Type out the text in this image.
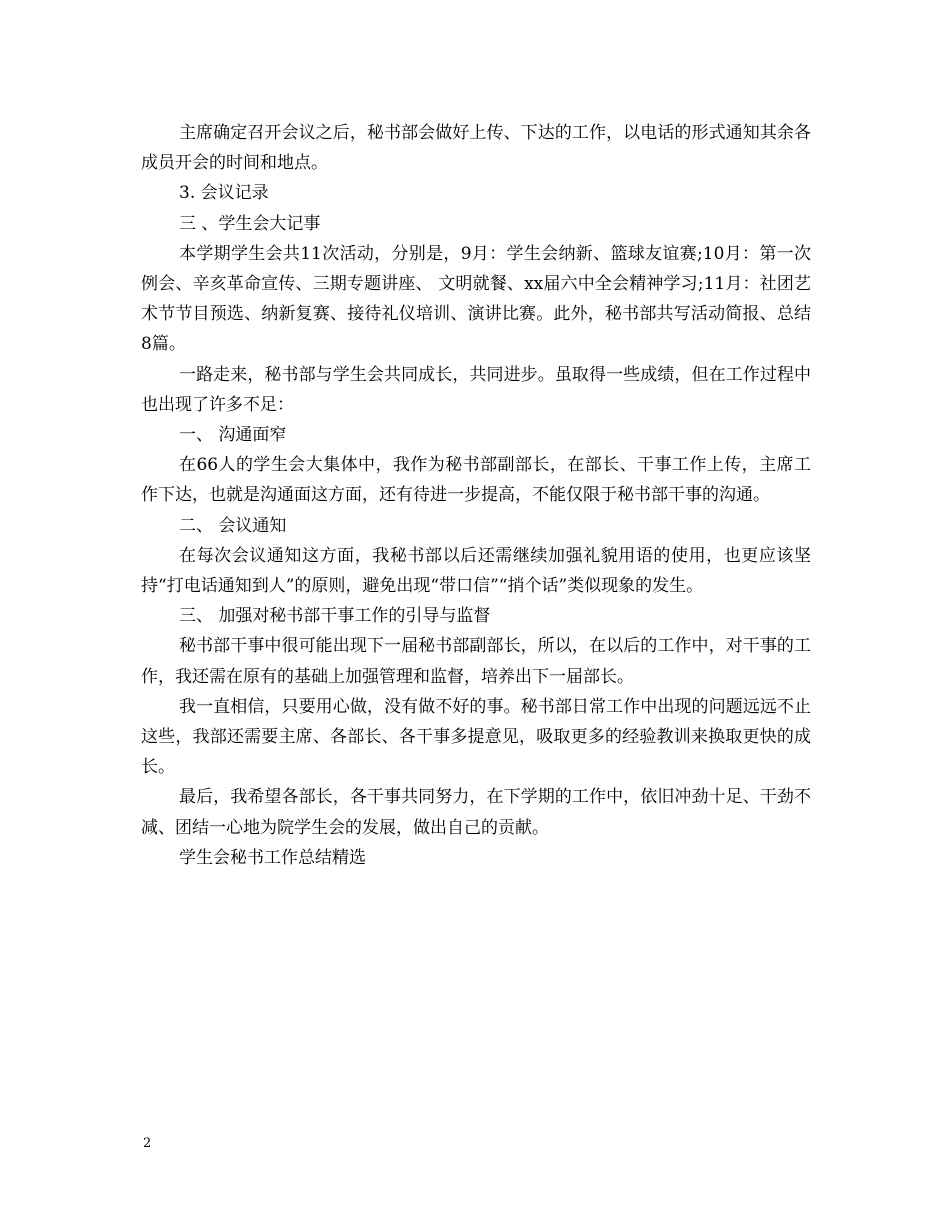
主席确定召开会议之后，秘书部会做好上传、下达的工作，以电话的形式通知其余各成员开会的时间和地点。

3. 会议记录

三 、学生会大记事

本学期学生会共11次活动，分别是，9月：学生会纳新、篮球友谊赛;10月：第一次例会、辛亥革命宣传、三期专题讲座、 文明就餐、xx届六中全会精神学习;11月：社团艺术节节目预选、纳新复赛、接待礼仪培训、演讲比赛。此外，秘书部共写活动简报、总结8篇。

一路走来，秘书部与学生会共同成长，共同进步。虽取得一些成绩，但在工作过程中也出现了许多不足：

一、 沟通面窄

在66人的学生会大集体中，我作为秘书部副部长，在部长、干事工作上传，主席工作下达，也就是沟通面这方面，还有待进一步提高，不能仅限于秘书部干事的沟通。

二、 会议通知

在每次会议通知这方面，我秘书部以后还需继续加强礼貌用语的使用，也更应该坚持“打电话通知到人”的原则，避免出现“带口信”“捎个话”类似现象的发生。

三、 加强对秘书部干事工作的引导与监督

秘书部干事中很可能出现下一届秘书部副部长，所以，在以后的工作中，对干事的工作，我还需在原有的基础上加强管理和监督，培养出下一届部长。

我一直相信，只要用心做，没有做不好的事。秘书部日常工作中出现的问题远远不止这些，我部还需要主席、各部长、各干事多提意见，吸取更多的经验教训来换取更快的成长。

最后，我希望各部长，各干事共同努力，在下学期的工作中，依旧冲劲十足、干劲不减、团结一心地为院学生会的发展，做出自己的贡献。

学生会秘书工作总结精选

2
